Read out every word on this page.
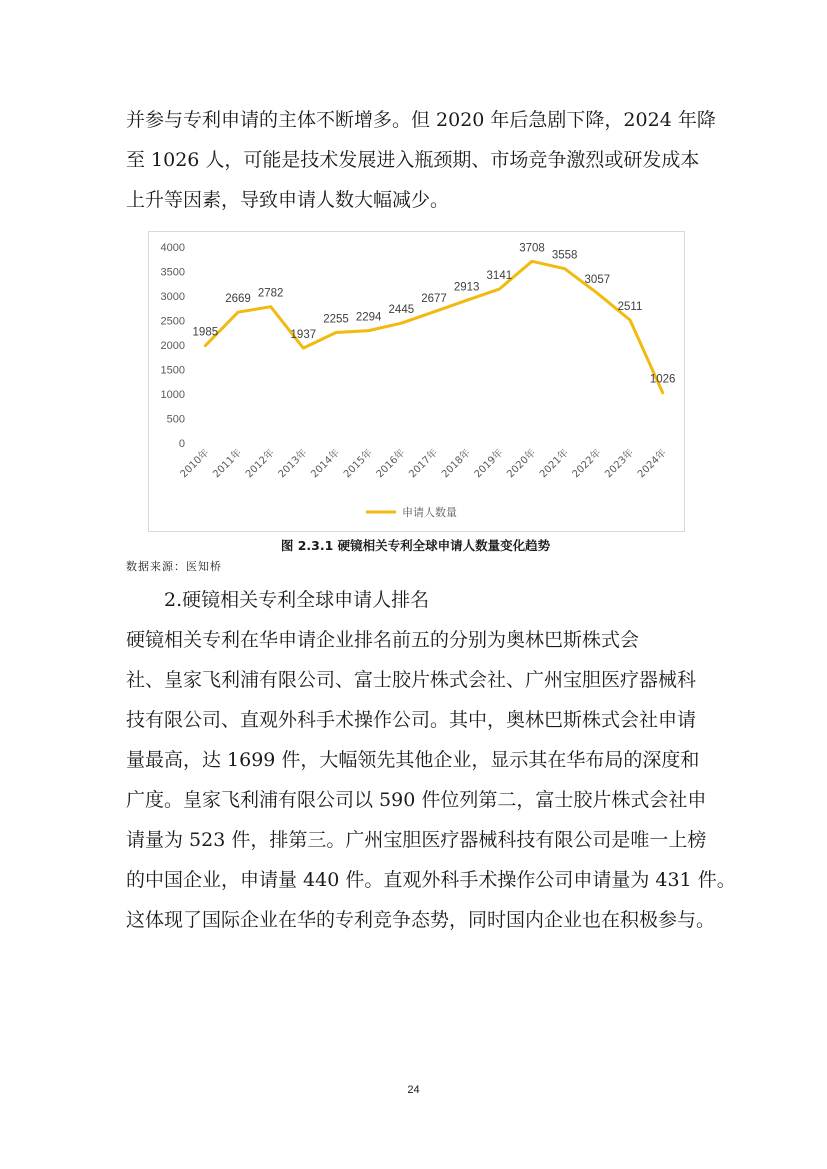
并参与专利申请的主体不断增多。但 2020 年后急剧下降，2024 年降
至 1026 人，可能是技术发展进入瓶颈期、市场竞争激烈或研发成本
上升等因素，导致申请人数大幅减少。

0
500
1000
1500
2000
2500
3000
3500
4000
2010年 2011年 2012年 2013年 2014年 2015年 2016年 2017年 2018年 2019年 2020年 2021年 2022年 2023年 2024年
1985
2669 2782
1937
2255 2294
2445
2677
2913
3141
3708
3558
3057
2511
1026
申请人数量
图 2.3.1 硬镜相关专利全球申请人数量变化趋势
数据来源：医知桥
2.硬镜相关专利全球申请人排名

硬镜相关专利在华申请企业排名前五的分别为奥林巴斯株式会
社、皇家飞利浦有限公司、富士胶片株式会社、广州宝胆医疗器械科
技有限公司、直观外科手术操作公司。其中，奥林巴斯株式会社申请
量最高，达 1699 件，大幅领先其他企业，显示其在华布局的深度和
广度。皇家飞利浦有限公司以 590 件位列第二，富士胶片株式会社申
请量为 523 件，排第三。广州宝胆医疗器械科技有限公司是唯一上榜
的中国企业，申请量 440 件。直观外科手术操作公司申请量为 431 件。
这体现了国际企业在华的专利竞争态势，同时国内企业也在积极参与。

24
